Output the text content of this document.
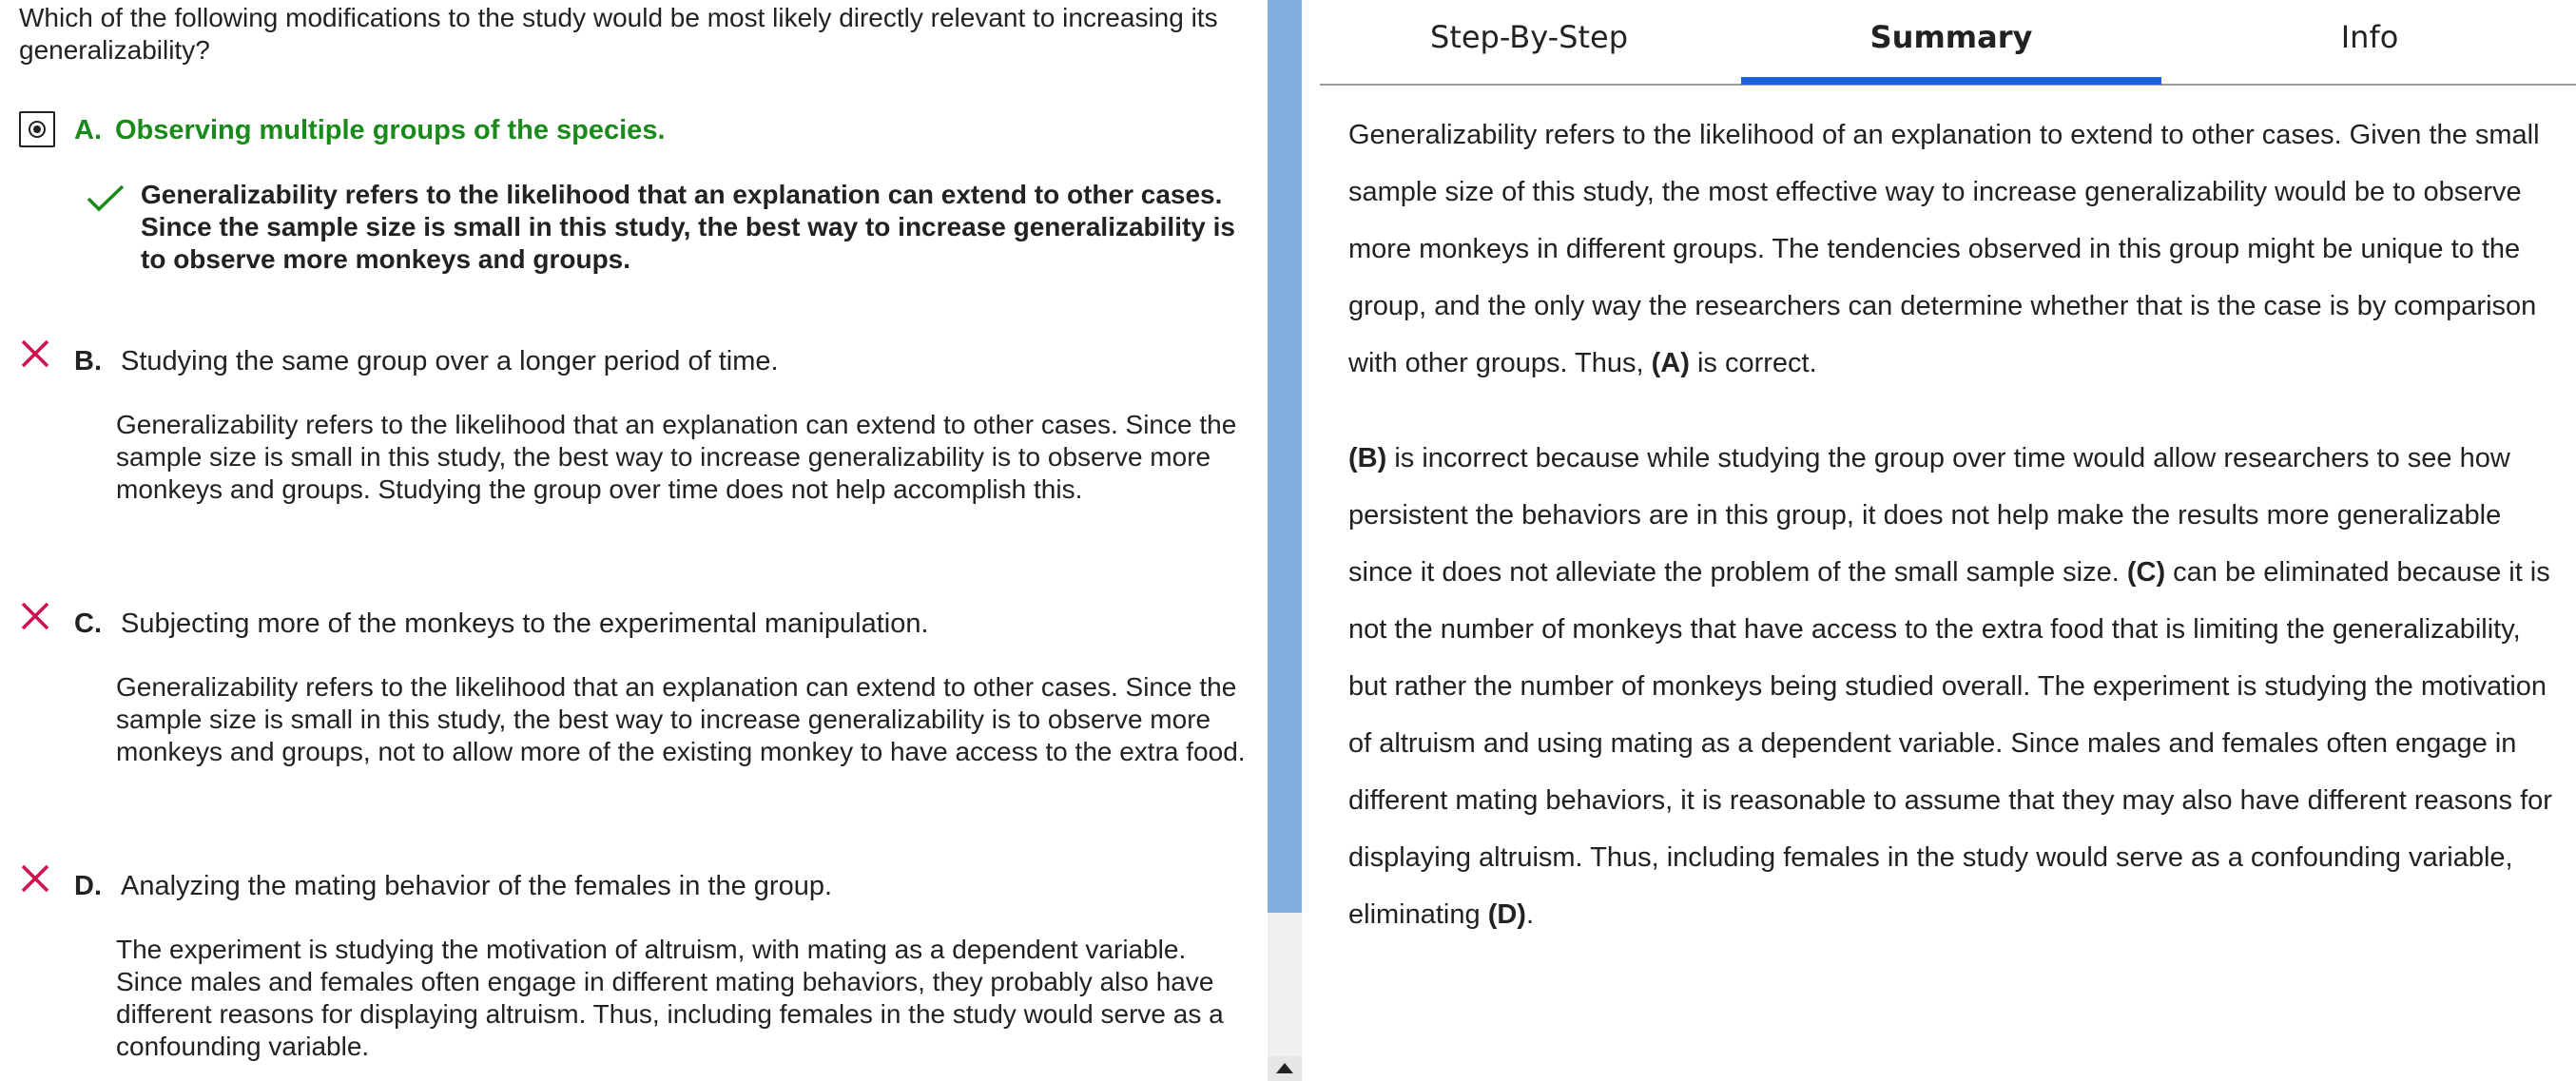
Which of the following modifications to the study would be most likely directly relevant to increasing its generalizability?
A. Observing multiple groups of the species.
Generalizability refers to the likelihood that an explanation can extend to other cases. Since the sample size is small in this study, the best way to increase generalizability is to observe more monkeys and groups.
B. Studying the same group over a longer period of time.
Generalizability refers to the likelihood that an explanation can extend to other cases. Since the sample size is small in this study, the best way to increase generalizability is to observe more monkeys and groups. Studying the group over time does not help accomplish this.
C. Subjecting more of the monkeys to the experimental manipulation.
Generalizability refers to the likelihood that an explanation can extend to other cases. Since the sample size is small in this study, the best way to increase generalizability is to observe more monkeys and groups, not to allow more of the existing monkey to have access to the extra food.
D. Analyzing the mating behavior of the females in the group.
The experiment is studying the motivation of altruism, with mating as a dependent variable. Since males and females often engage in different mating behaviors, they probably also have different reasons for displaying altruism. Thus, including females in the study would serve as a confounding variable.
Step-By-Step	Summary	Info

Generalizability refers to the likelihood of an explanation to extend to other cases. Given the small sample size of this study, the most effective way to increase generalizability would be to observe more monkeys in different groups. The tendencies observed in this group might be unique to the group, and the only way the researchers can determine whether that is the case is by comparison with other groups. Thus, (A) is correct.

(B) is incorrect because while studying the group over time would allow researchers to see how persistent the behaviors are in this group, it does not help make the results more generalizable since it does not alleviate the problem of the small sample size. (C) can be eliminated because it is not the number of monkeys that have access to the extra food that is limiting the generalizability, but rather the number of monkeys being studied overall. The experiment is studying the motivation of altruism and using mating as a dependent variable. Since males and females often engage in different mating behaviors, it is reasonable to assume that they may also have different reasons for displaying altruism. Thus, including females in the study would serve as a confounding variable, eliminating (D).
